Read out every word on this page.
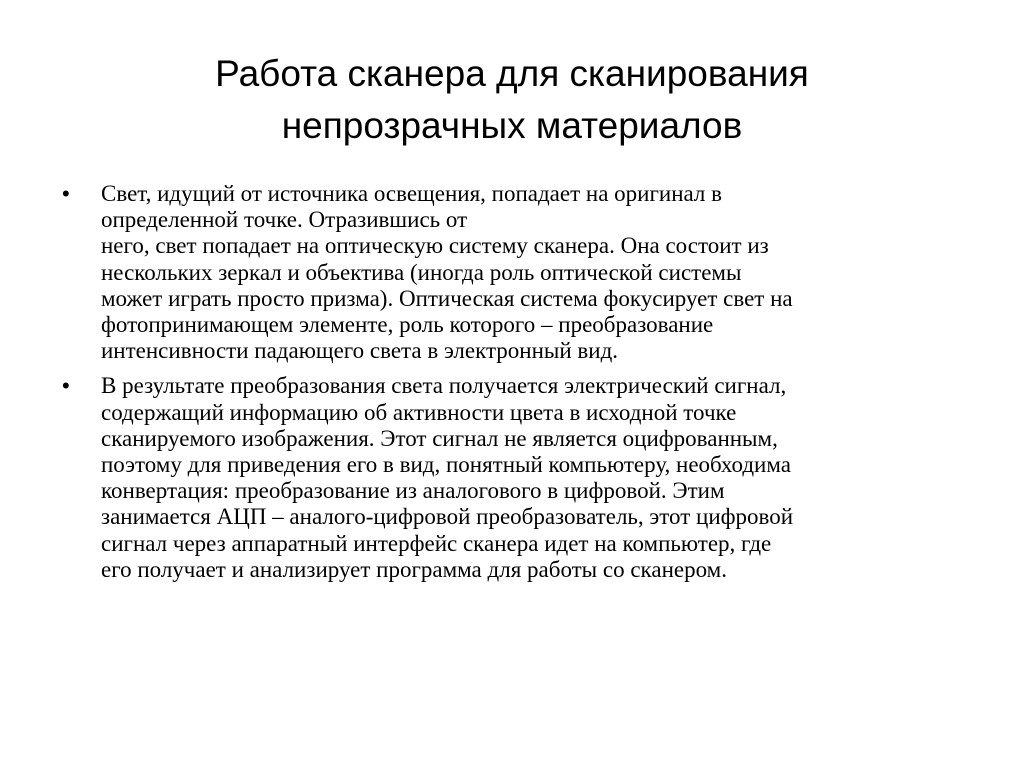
Работа сканера для сканирования
непрозрачных материалов
•	Свет, идущий от источника освещения, попадает на оригинал в
определенной точке. Отразившись от
него, свет попадает на оптическую систему сканера. Она состоит из
нескольких зеркал и объектива (иногда роль оптической системы
может играть просто призма). Оптическая система фокусирует свет на
фотопринимающем элементе, роль которого – преобразование
интенсивности падающего света в электронный вид.
•	В результате преобразования света получается электрический сигнал,
содержащий информацию об активности цвета в исходной точке
сканируемого изображения. Этот сигнал не является оцифрованным,
поэтому для приведения его в вид, понятный компьютеру, необходима
конвертация: преобразование из аналогового в цифровой. Этим
занимается АЦП – аналого-цифровой преобразователь, этот цифровой
сигнал через аппаратный интерфейс сканера идет на компьютер, где
его получает и анализирует программа для работы со сканером.
